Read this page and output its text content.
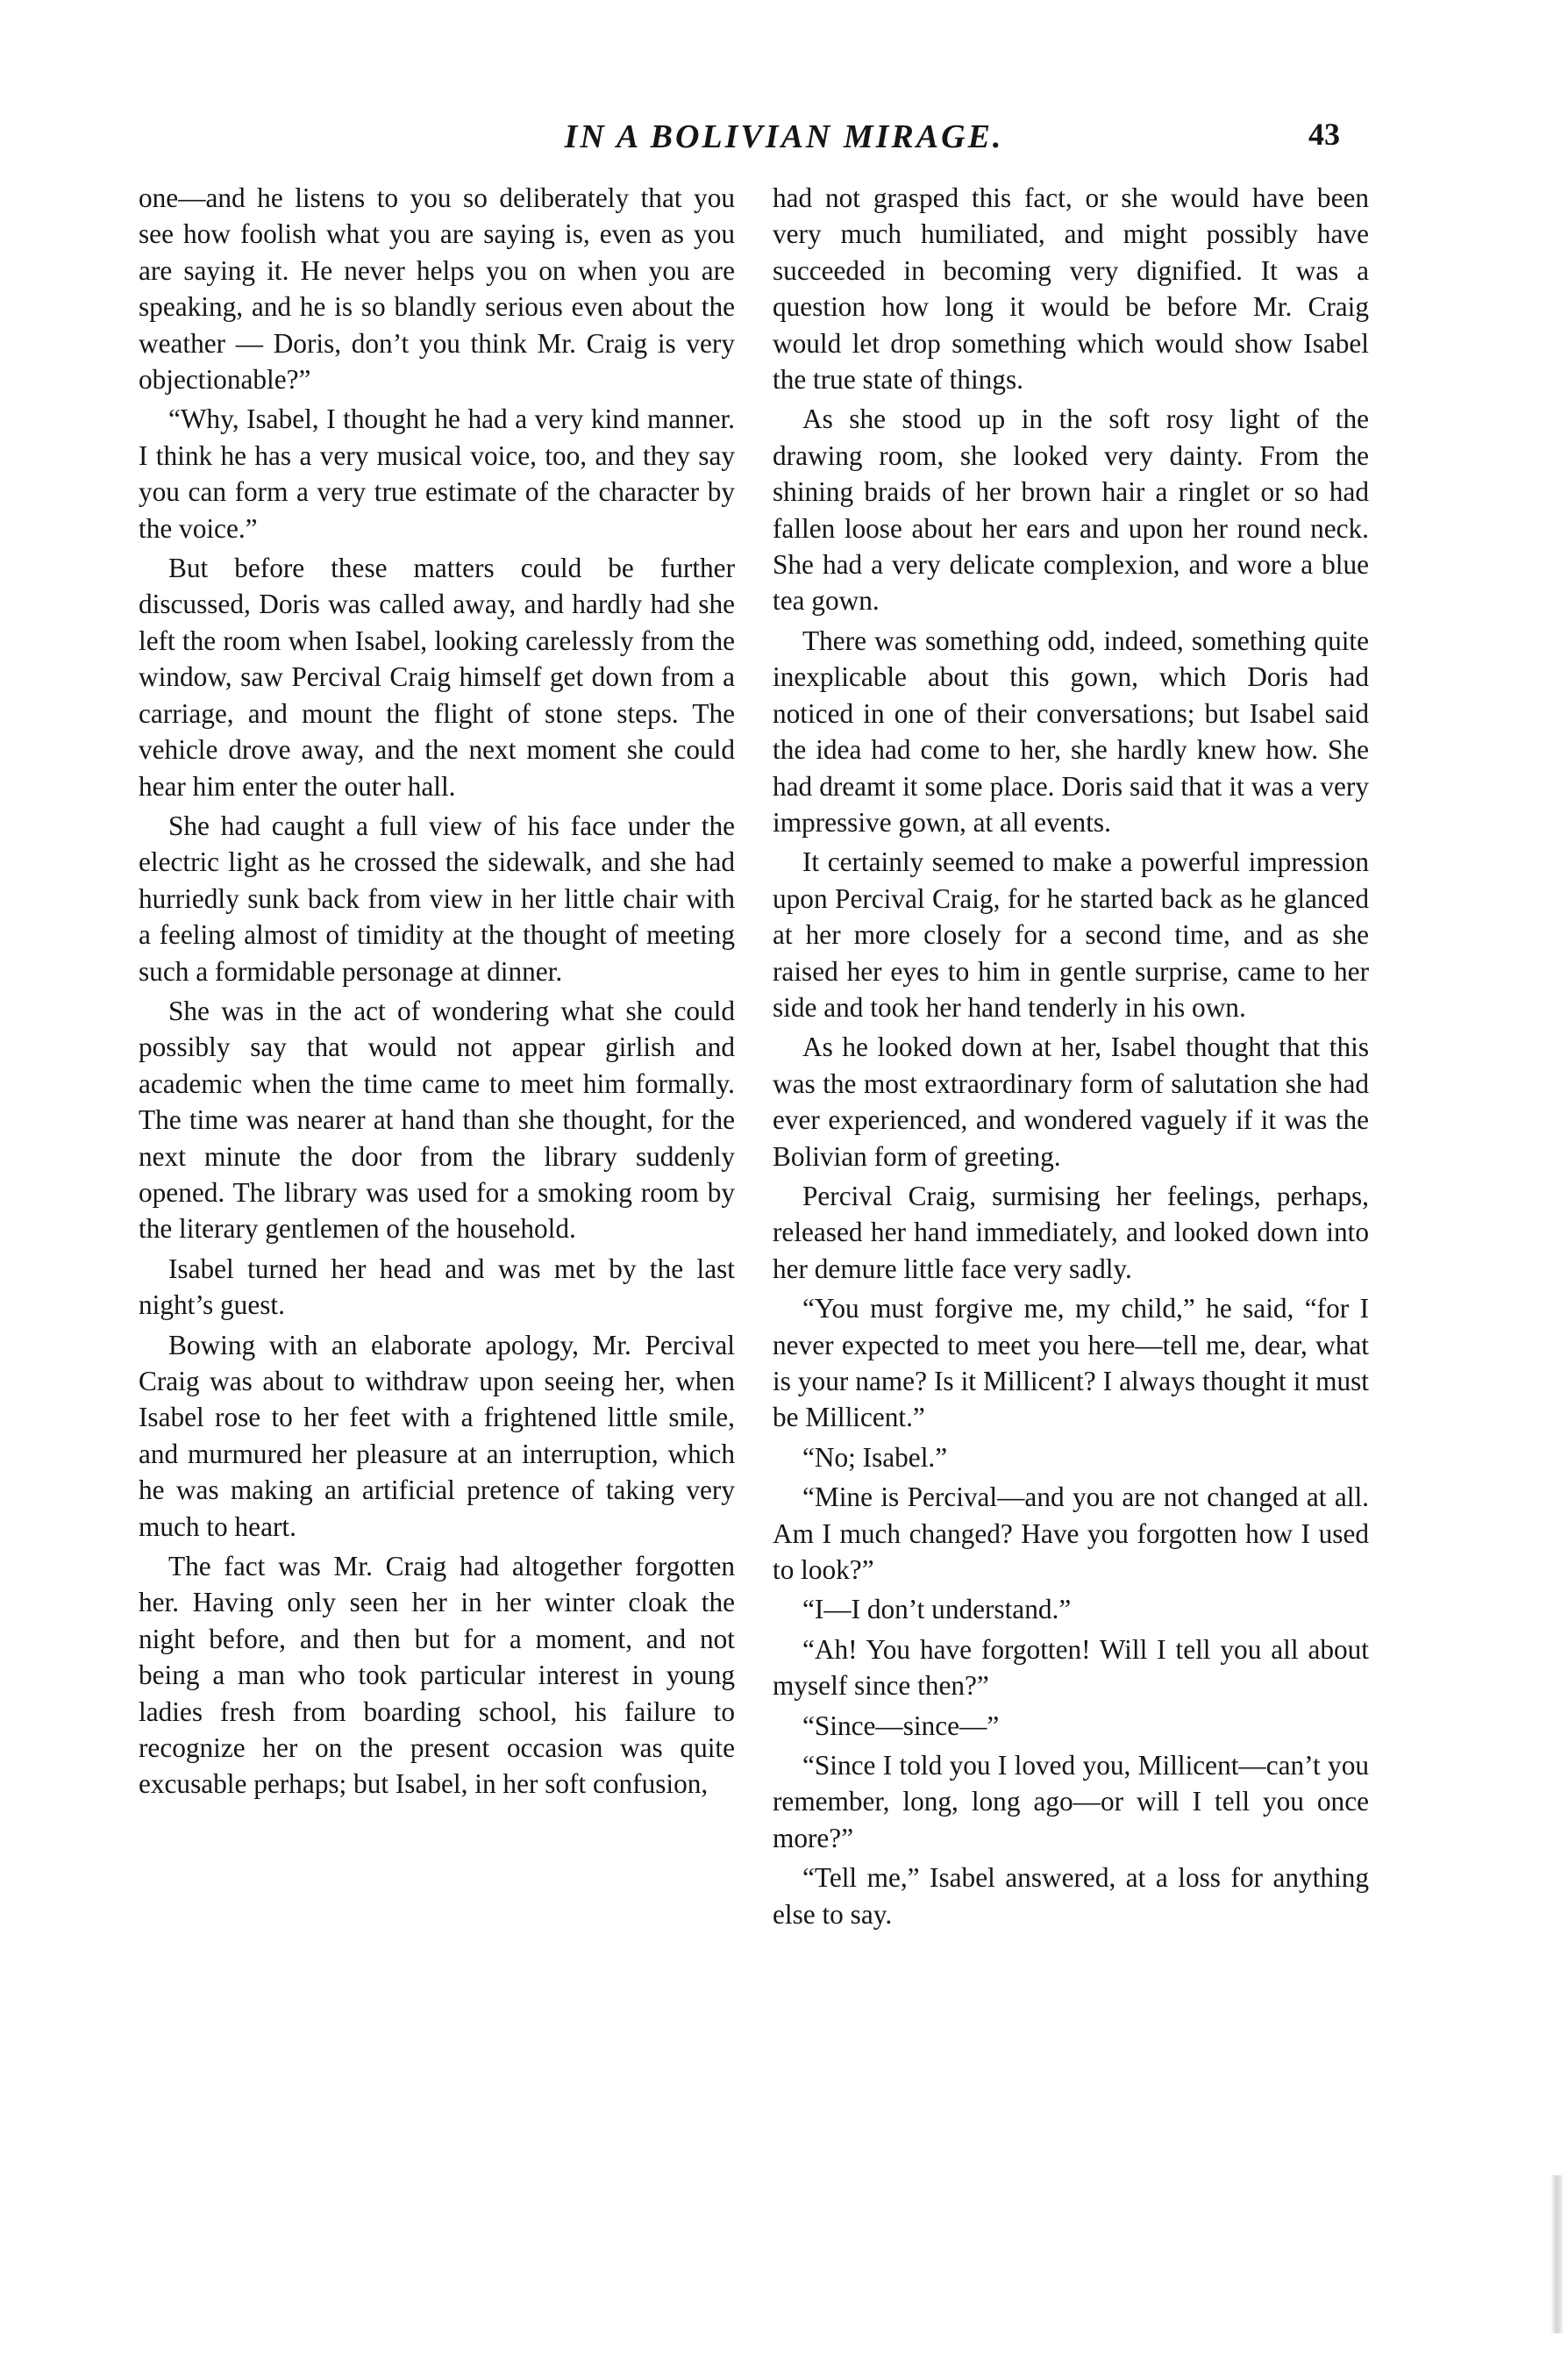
IN A BOLIVIAN MIRAGE.	43

one—and he listens to you so deliberately that you see how foolish what you are saying is, even as you are saying it. He never helps you on when you are speaking, and he is so blandly serious even about the weather — Doris, don’t you think Mr. Craig is very objectionable?”

“Why, Isabel, I thought he had a very kind manner. I think he has a very musical voice, too, and they say you can form a very true estimate of the character by the voice.”

But before these matters could be further discussed, Doris was called away, and hardly had she left the room when Isabel, looking carelessly from the window, saw Percival Craig himself get down from a carriage, and mount the flight of stone steps. The vehicle drove away, and the next moment she could hear him enter the outer hall.

She had caught a full view of his face under the electric light as he crossed the sidewalk, and she had hurriedly sunk back from view in her little chair with a feeling almost of timidity at the thought of meeting such a formidable personage at dinner.

She was in the act of wondering what she could possibly say that would not appear girlish and academic when the time came to meet him formally. The time was nearer at hand than she thought, for the next minute the door from the library suddenly opened. The library was used for a smoking room by the literary gentlemen of the household.

Isabel turned her head and was met by the last night’s guest.

Bowing with an elaborate apology, Mr. Percival Craig was about to withdraw upon seeing her, when Isabel rose to her feet with a frightened little smile, and murmured her pleasure at an interruption, which he was making an artificial pretence of taking very much to heart.

The fact was Mr. Craig had altogether forgotten her. Having only seen her in her winter cloak the night before, and then but for a moment, and not being a man who took particular interest in young ladies fresh from boarding school, his failure to recognize her on the present occasion was quite excusable perhaps; but Isabel, in her soft confusion,

had not grasped this fact, or she would have been very much humiliated, and might possibly have succeeded in becoming very dignified. It was a question how long it would be before Mr. Craig would let drop something which would show Isabel the true state of things.

As she stood up in the soft rosy light of the drawing room, she looked very dainty. From the shining braids of her brown hair a ringlet or so had fallen loose about her ears and upon her round neck. She had a very delicate complexion, and wore a blue tea gown.

There was something odd, indeed, something quite inexplicable about this gown, which Doris had noticed in one of their conversations; but Isabel said the idea had come to her, she hardly knew how. She had dreamt it some place. Doris said that it was a very impressive gown, at all events.

It certainly seemed to make a powerful impression upon Percival Craig, for he started back as he glanced at her more closely for a second time, and as she raised her eyes to him in gentle surprise, came to her side and took her hand tenderly in his own.

As he looked down at her, Isabel thought that this was the most extraordinary form of salutation she had ever experienced, and wondered vaguely if it was the Bolivian form of greeting.

Percival Craig, surmising her feelings, perhaps, released her hand immediately, and looked down into her demure little face very sadly.

“You must forgive me, my child,” he said, “for I never expected to meet you here—tell me, dear, what is your name? Is it Millicent? I always thought it must be Millicent.”

“No; Isabel.”

“Mine is Percival—and you are not changed at all. Am I much changed? Have you forgotten how I used to look?”

“I—I don’t understand.”

“Ah! You have forgotten! Will I tell you all about myself since then?”

“Since—since—”

“Since I told you I loved you, Millicent—can’t you remember, long, long ago—or will I tell you once more?”

“Tell me,” Isabel answered, at a loss for anything else to say.
